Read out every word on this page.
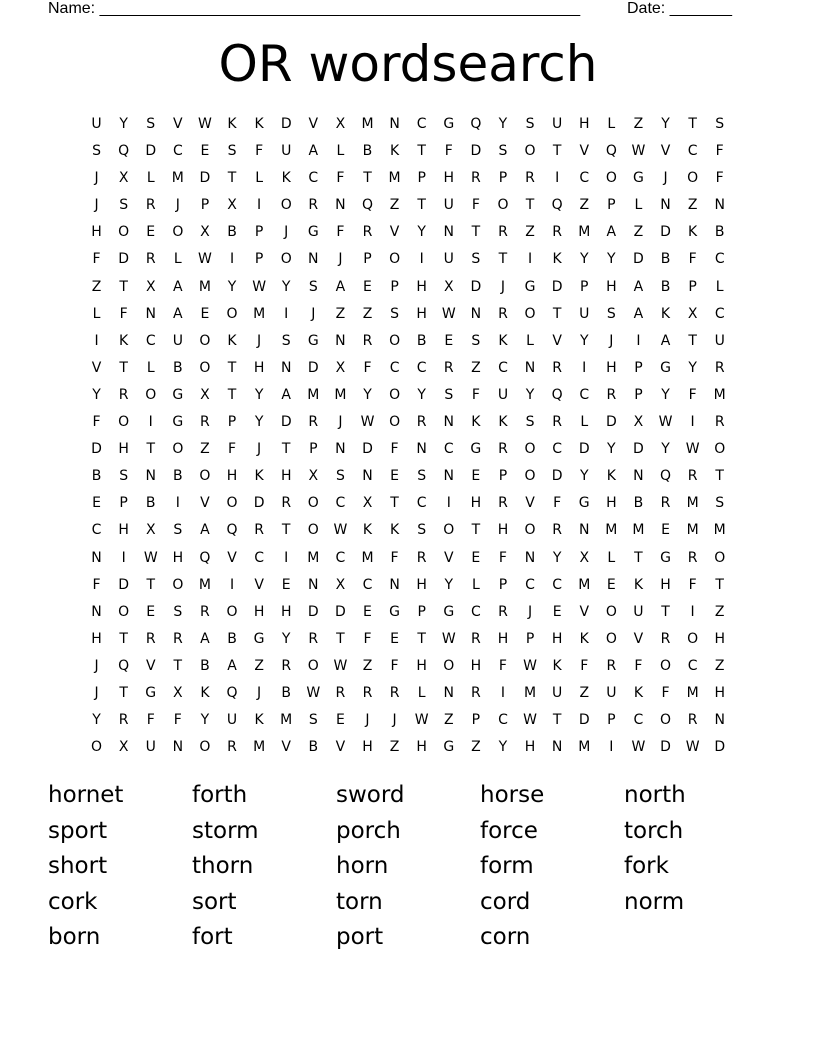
Name: ______________________________________________________	Date: _______
OR wordsearch
U	Y	S	V	W	K	K	D	V	X	M	N	C	G	Q	Y	S	U	H	L	Z	Y	T	S
S	Q	D	C	E	S	F	U	A	L	B	K	T	F	D	S	O	T	V	Q	W	V	C	F
J	X	L	M	D	T	L	K	C	F	T	M	P	H	R	P	R	I	C	O	G	J	O	F
J	S	R	J	P	X	I	O	R	N	Q	Z	T	U	F	O	T	Q	Z	P	L	N	Z	N
H	O	E	O	X	B	P	J	G	F	R	V	Y	N	T	R	Z	R	M	A	Z	D	K	B
F	D	R	L	W	I	P	O	N	J	P	O	I	U	S	T	I	K	Y	Y	D	B	F	C
Z	T	X	A	M	Y	W	Y	S	A	E	P	H	X	D	J	G	D	P	H	A	B	P	L
L	F	N	A	E	O	M	I	J	Z	Z	S	H	W	N	R	O	T	U	S	A	K	X	C
I	K	C	U	O	K	J	S	G	N	R	O	B	E	S	K	L	V	Y	J	I	A	T	U
V	T	L	B	O	T	H	N	D	X	F	C	C	R	Z	C	N	R	I	H	P	G	Y	R
Y	R	O	G	X	T	Y	A	M	M	Y	O	Y	S	F	U	Y	Q	C	R	P	Y	F	M
F	O	I	G	R	P	Y	D	R	J	W	O	R	N	K	K	S	R	L	D	X	W	I	R
D	H	T	O	Z	F	J	T	P	N	D	F	N	C	G	R	O	C	D	Y	D	Y	W	O
B	S	N	B	O	H	K	H	X	S	N	E	S	N	E	P	O	D	Y	K	N	Q	R	T
E	P	B	I	V	O	D	R	O	C	X	T	C	I	H	R	V	F	G	H	B	R	M	S
C	H	X	S	A	Q	R	T	O	W	K	K	S	O	T	H	O	R	N	M	M	E	M	M
N	I	W	H	Q	V	C	I	M	C	M	F	R	V	E	F	N	Y	X	L	T	G	R	O
F	D	T	O	M	I	V	E	N	X	C	N	H	Y	L	P	C	C	M	E	K	H	F	T
N	O	E	S	R	O	H	H	D	D	E	G	P	G	C	R	J	E	V	O	U	T	I	Z
H	T	R	R	A	B	G	Y	R	T	F	E	T	W	R	H	P	H	K	O	V	R	O	H
J	Q	V	T	B	A	Z	R	O	W	Z	F	H	O	H	F	W	K	F	R	F	O	C	Z
J	T	G	X	K	Q	J	B	W	R	R	R	L	N	R	I	M	U	Z	U	K	F	M	H
Y	R	F	F	Y	U	K	M	S	E	J	J	W	Z	P	C	W	T	D	P	C	O	R	N
O	X	U	N	O	R	M	V	B	V	H	Z	H	G	Z	Y	H	N	M	I	W	D	W	D
hornet
sport
short
cork
born
forth
storm
thorn
sort
fort
sword
porch
horn
torn
port
horse
force
form
cord
corn
north
torch
fork
norm
